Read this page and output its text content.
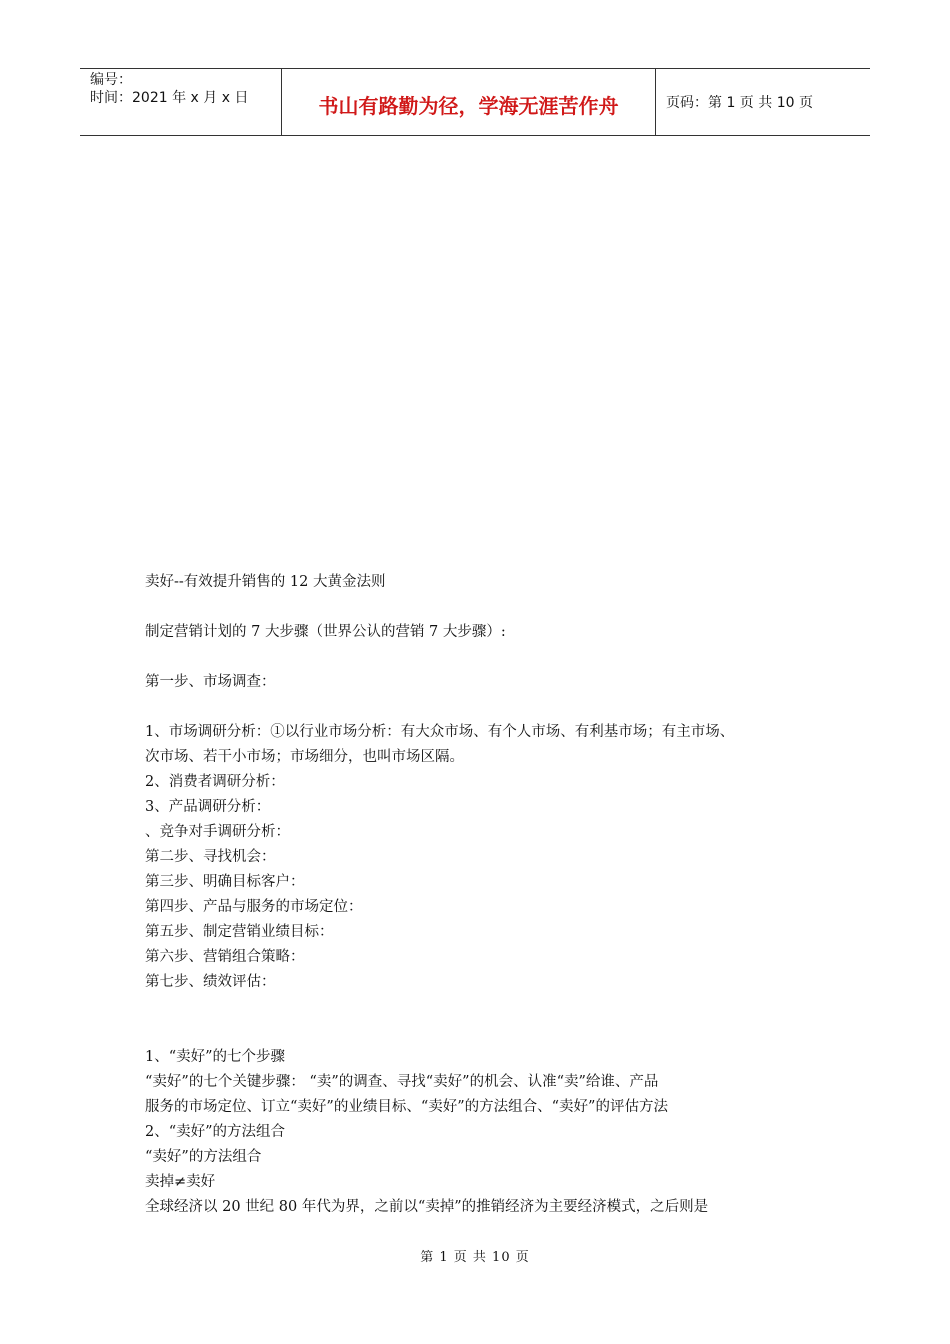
编号：
时间：2021 年 x 月 x 日	书山有路勤为径，学海无涯苦作舟	页码：第 1 页 共 10 页

卖好--有效提升销售的 12 大黄金法则

制定营销计划的 7 大步骤（世界公认的营销 7 大步骤）:

第一步、市场调查：

1、市场调研分析：①以行业市场分析：有大众市场、有个人市场、有利基市场；有主市场、

次市场、若干小市场；市场细分，也叫市场区隔。

2、消费者调研分析：

3、产品调研分析：

、竞争对手调研分析：

第二步、寻找机会：

第三步、明确目标客户：

第四步、产品与服务的市场定位：

第五步、制定营销业绩目标：

第六步、营销组合策略：

第七步、绩效评估：

1、“卖好”的七个步骤

“卖好”的七个关键步骤： “卖”的调查、寻找“卖好”的机会、认准“卖”给谁、产品

服务的市场定位、订立“卖好”的业绩目标、“卖好”的方法组合、“卖好”的评估方法

2、“卖好”的方法组合

“卖好”的方法组合

卖掉≠卖好

全球经济以 20 世纪 80 年代为界，之前以“卖掉”的推销经济为主要经济模式，之后则是

第 1 页 共 10 页
